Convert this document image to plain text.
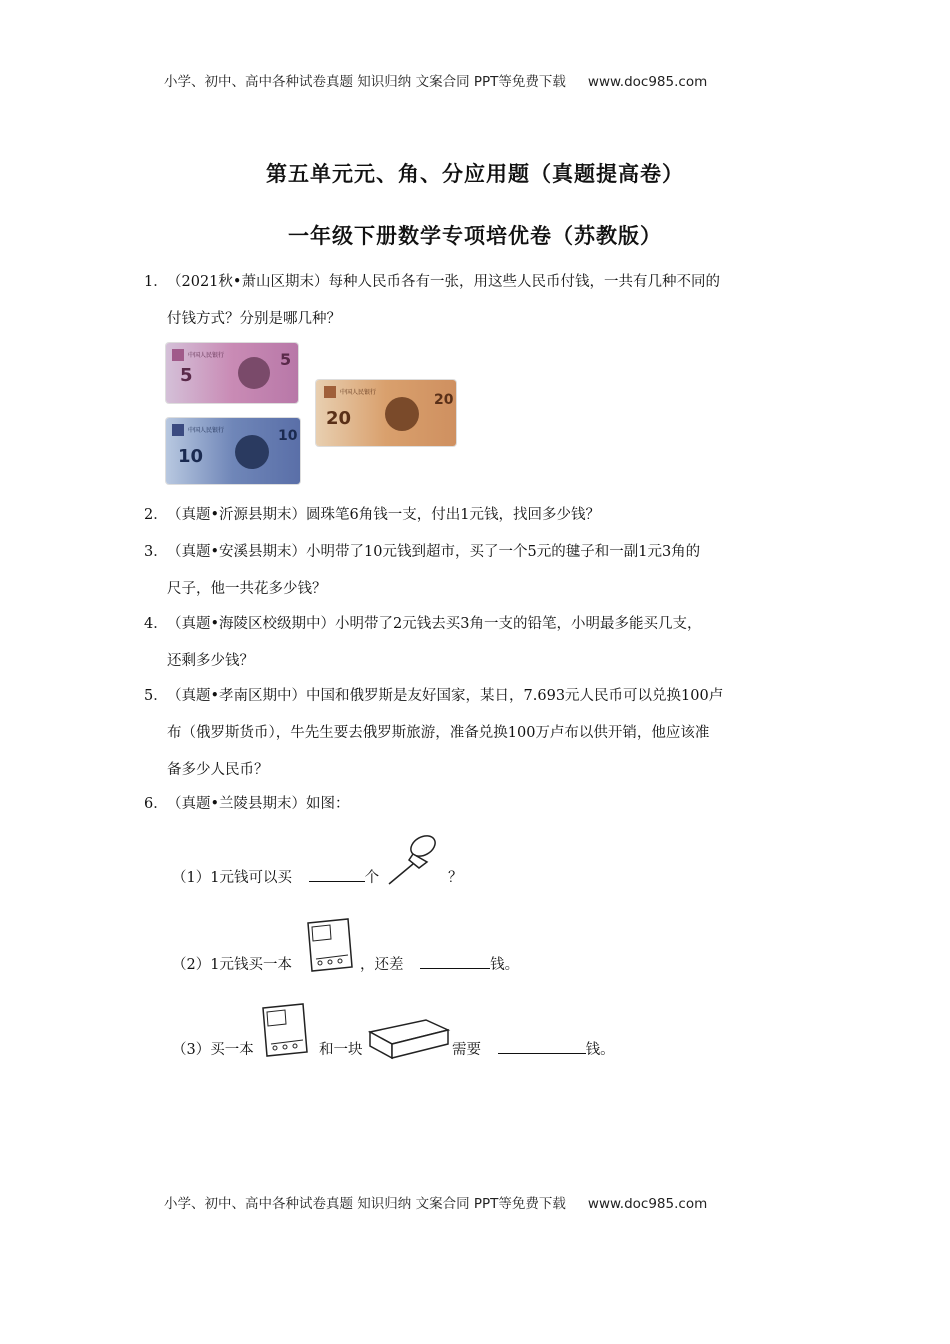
小学、初中、高中各种试卷真题 知识归纳 文案合同 PPT等免费下载 www.doc985.com
第五单元元、角、分应用题（真题提高卷）
一年级下册数学专项培优卷（苏教版）
1． （2021秋•萧山区期末）每种人民币各有一张，用这些人民币付钱，一共有几种不同的
付钱方式？分别是哪几种？
中国人民银行
5
5
中国人民银行
20
20
中国人民银行
10
10
2． （真题•沂源县期末）圆珠笔6角钱一支，付出1元钱，找回多少钱？
3． （真题•安溪县期末）小明带了10元钱到超市，买了一个5元的毽子和一副1元3角的
尺子，他一共花多少钱？
4． （真题•海陵区校级期中）小明带了2元钱去买3角一支的铅笔，小明最多能买几支，
还剩多少钱？
5． （真题•孝南区期中）中国和俄罗斯是友好国家，某日，7.693元人民币可以兑换100卢
布（俄罗斯货币），牛先生要去俄罗斯旅游，准备兑换100万卢布以供开销，他应该准
备多少人民币？
6． （真题•兰陵县期末）如图：
（1）1元钱可以买	个	？
（2）1元钱买一本	，还差	钱。
（3）买一本	和一块	需要	钱。
小学、初中、高中各种试卷真题 知识归纳 文案合同 PPT等免费下载 www.doc985.com
